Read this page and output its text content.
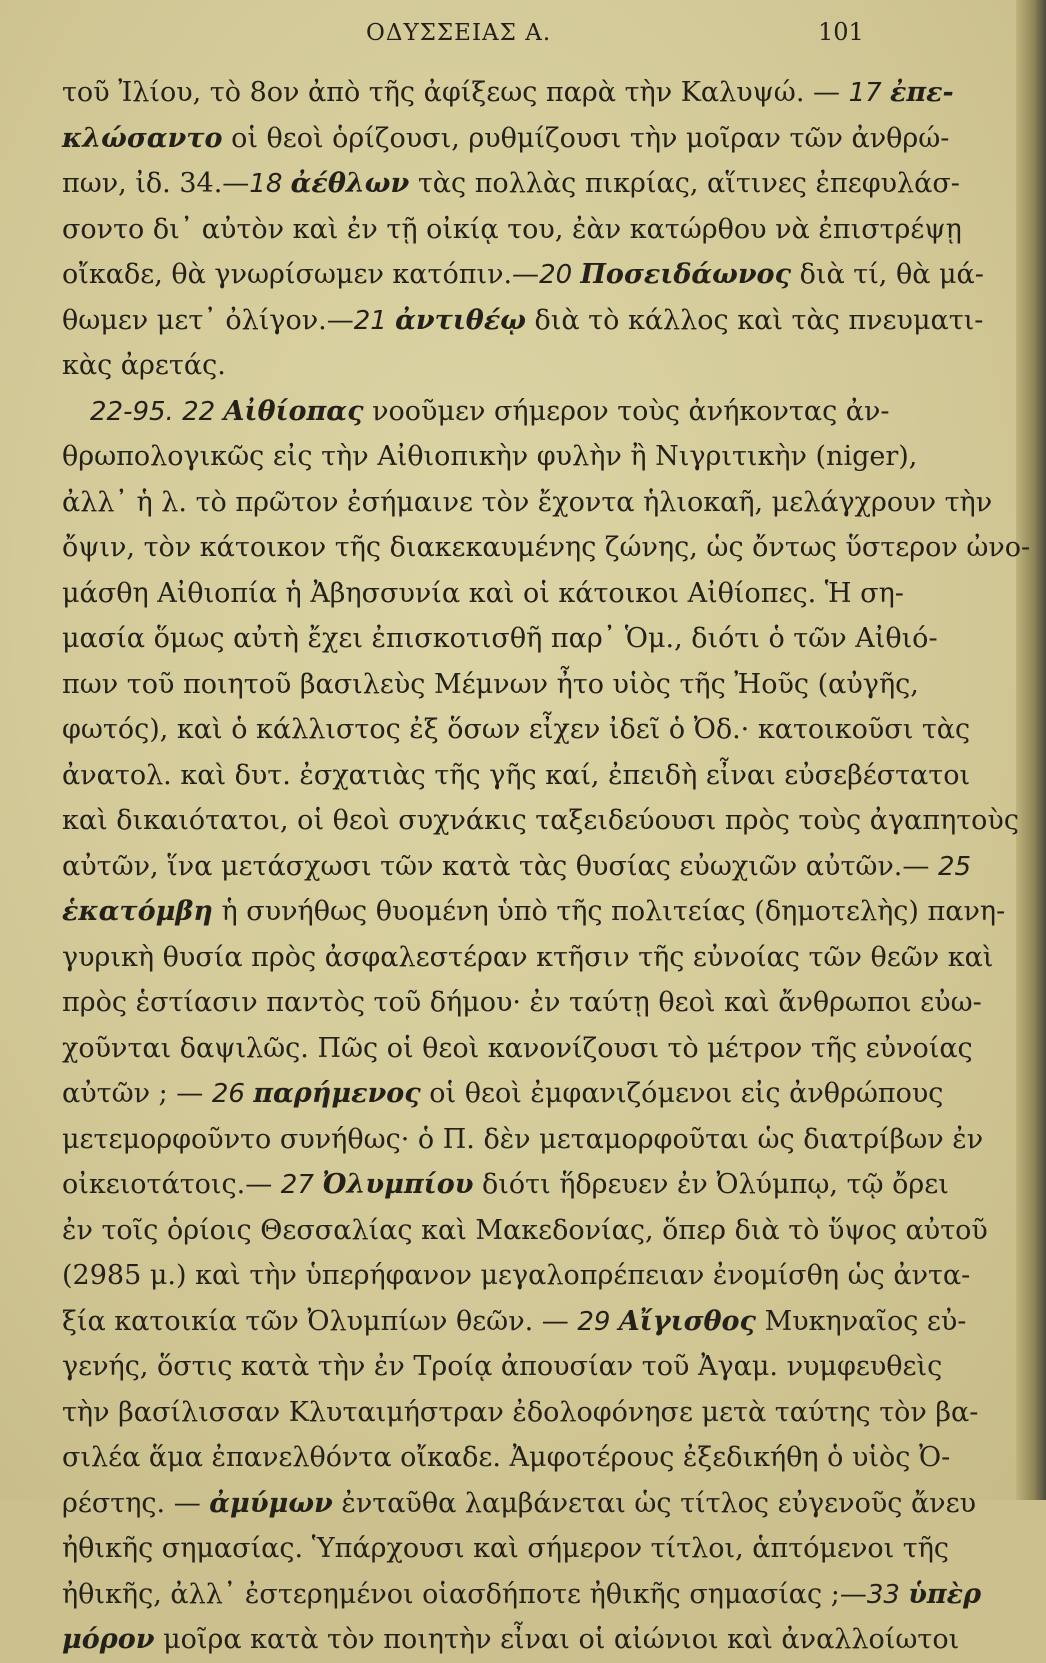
ΟΔΥΣΣΕΙΑΣ Α.	101
τοῦ Ἰλίου, τὸ 8ον ἀπὸ τῆς ἀφίξεως παρὰ τὴν Καλυψώ. — 17 ἐπε-
κλώσαντο οἱ θεοὶ ὁρίζουσι, ρυθμίζουσι τὴν μοῖραν τῶν ἀνθρώ-
πων, ἰδ. 34.—18 ἀέθλων τὰς πολλὰς πικρίας, αἵτινες ἐπεφυλάσ-
σοντο δι᾽ αὐτὸν καὶ ἐν τῇ οἰκίᾳ του, ἐὰν κατώρθου νὰ ἐπιστρέψῃ
οἴκαδε, θὰ γνωρίσωμεν κατόπιν.—20 Ποσειδάωνος διὰ τί, θὰ μά-
θωμεν μετ᾽ ὀλίγον.—21 ἀντιθέῳ διὰ τὸ κάλλος καὶ τὰς πνευματι-
κὰς ἀρετάς.
22-95. 22 Αἰθίοπας νοοῦμεν σήμερον τοὺς ἀνήκοντας ἀν-
θρωπολογικῶς εἰς τὴν Αἰθιοπικὴν φυλὴν ἢ Νιγριτικὴν (niger),
ἀλλ᾽ ἡ λ. τὸ πρῶτον ἐσήμαινε τὸν ἔχοντα ἡλιοκαῆ, μελάγχρουν τὴν
ὄψιν, τὸν κάτοικον τῆς διακεκαυμένης ζώνης, ὡς ὄντως ὕστερον ὠνο-
μάσθη Αἰθιοπία ἡ Ἀβησσυνία καὶ οἱ κάτοικοι Αἰθίοπες. Ἡ ση-
μασία ὅμως αὐτὴ ἔχει ἐπισκοτισθῆ παρ᾽ Ὁμ., διότι ὁ τῶν Αἰθιό-
πων τοῦ ποιητοῦ βασιλεὺς Μέμνων ἦτο υἱὸς τῆς Ἠοῦς (αὐγῆς,
φωτός), καὶ ὁ κάλλιστος ἐξ ὅσων εἶχεν ἰδεῖ ὁ Ὀδ.· κατοικοῦσι τὰς
ἀνατολ. καὶ δυτ. ἐσχατιὰς τῆς γῆς καί, ἐπειδὴ εἶναι εὐσεβέστατοι
καὶ δικαιότατοι, οἱ θεοὶ συχνάκις ταξειδεύουσι πρὸς τοὺς ἀγαπητοὺς
αὐτῶν, ἵνα μετάσχωσι τῶν κατὰ τὰς θυσίας εὐωχιῶν αὐτῶν.— 25
ἑκατόμβη ἡ συνήθως θυομένη ὑπὸ τῆς πολιτείας (δημοτελὴς) πανη-
γυρικὴ θυσία πρὸς ἀσφαλεστέραν κτῆσιν τῆς εὐνοίας τῶν θεῶν καὶ
πρὸς ἑστίασιν παντὸς τοῦ δήμου· ἐν ταύτῃ θεοὶ καὶ ἄνθρωποι εὐω-
χοῦνται δαψιλῶς. Πῶς οἱ θεοὶ κανονίζουσι τὸ μέτρον τῆς εὐνοίας
αὐτῶν ; — 26 παρήμενος οἱ θεοὶ ἐμφανιζόμενοι εἰς ἀνθρώπους
μετεμορφοῦντο συνήθως· ὁ Π. δὲν μεταμορφοῦται ὡς διατρίβων ἐν
οἰκειοτάτοις.— 27 Ὀλυμπίου διότι ἥδρευεν ἐν Ὀλύμπῳ, τῷ ὄρει
ἐν τοῖς ὁρίοις Θεσσαλίας καὶ Μακεδονίας, ὅπερ διὰ τὸ ὕψος αὐτοῦ
(2985 μ.) καὶ τὴν ὑπερήφανον μεγαλοπρέπειαν ἐνομίσθη ὡς ἀντα-
ξία κατοικία τῶν Ὀλυμπίων θεῶν. — 29 Αἴγισθος Μυκηναῖος εὐ-
γενής, ὅστις κατὰ τὴν ἐν Τροίᾳ ἀπουσίαν τοῦ Ἀγαμ. νυμφευθεὶς
τὴν βασίλισσαν Κλυταιμήστραν ἐδολοφόνησε μετὰ ταύτης τὸν βα-
σιλέα ἅμα ἐπανελθόντα οἴκαδε. Ἀμφοτέρους ἐξεδικήθη ὁ υἱὸς Ὀ-
ρέστης. — ἀμύμων ἐνταῦθα λαμβάνεται ὡς τίτλος εὐγενοῦς ἄνευ
ἠθικῆς σημασίας. Ὑπάρχουσι καὶ σήμερον τίτλοι, ἁπτόμενοι τῆς
ἠθικῆς, ἀλλ᾽ ἐστερημένοι οἱασδήποτε ἠθικῆς σημασίας ;—33 ὑπὲρ
μόρον μοῖρα κατὰ τὸν ποιητὴν εἶναι οἱ αἰώνιοι καὶ ἀναλλοίωτοι
